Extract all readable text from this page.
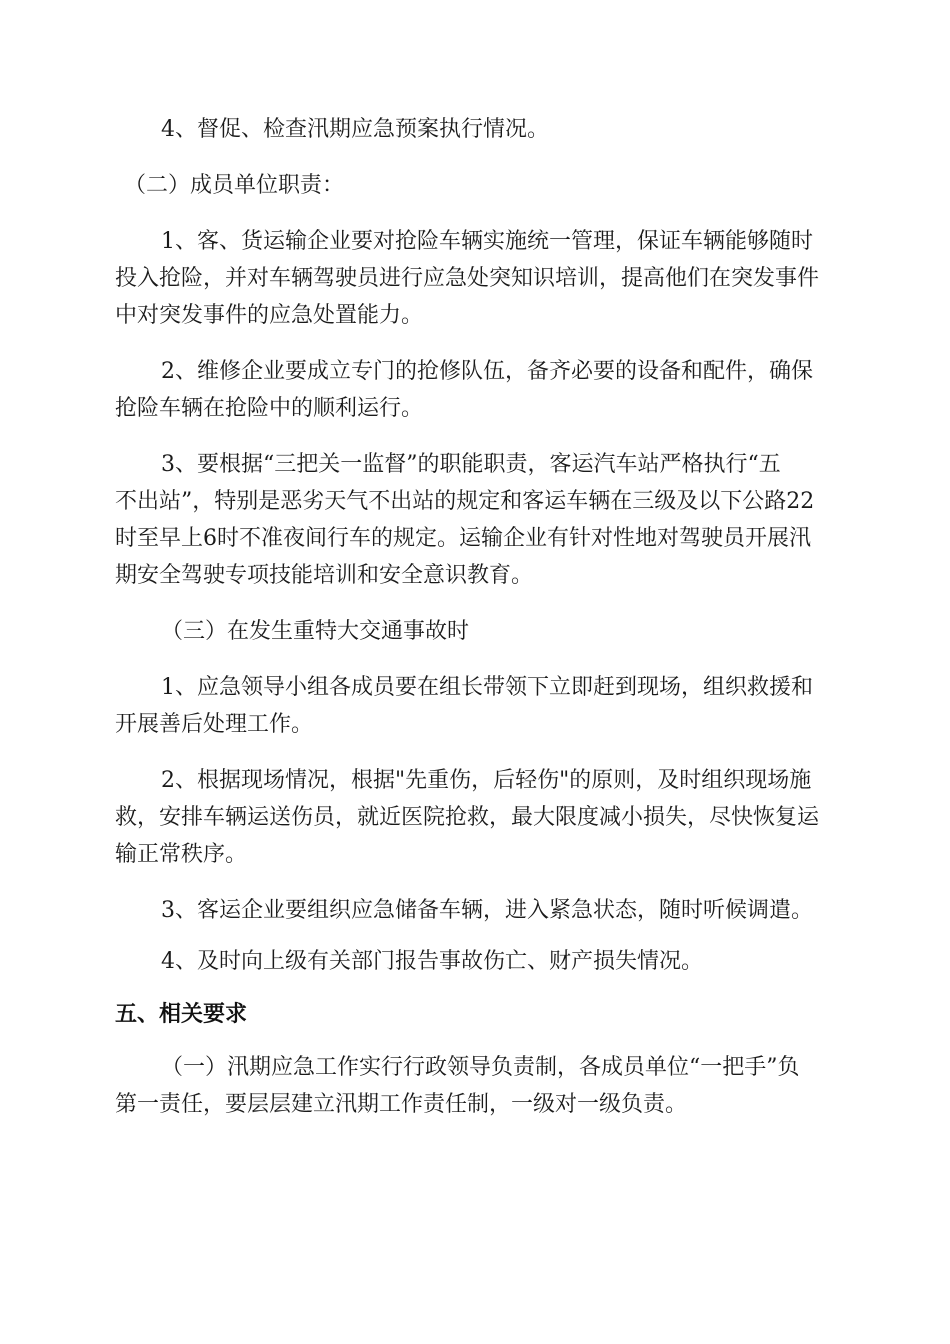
4、督促、检查汛期应急预案执行情况。
（二）成员单位职责：
1、客、货运输企业要对抢险车辆实施统一管理，保证车辆能够随时
投入抢险，并对车辆驾驶员进行应急处突知识培训，提高他们在突发事件
中对突发事件的应急处置能力。
2、维修企业要成立专门的抢修队伍，备齐必要的设备和配件，确保
抢险车辆在抢险中的顺利运行。
3、要根据“三把关一监督”的职能职责，客运汽车站严格执行“五
不出站”，特别是恶劣天气不出站的规定和客运车辆在三级及以下公路22
时至早上6时不准夜间行车的规定。运输企业有针对性地对驾驶员开展汛
期安全驾驶专项技能培训和安全意识教育。
（三）在发生重特大交通事故时
1、应急领导小组各成员要在组长带领下立即赶到现场，组织救援和
开展善后处理工作。
2、根据现场情况，根据"先重伤，后轻伤"的原则，及时组织现场施
救，安排车辆运送伤员，就近医院抢救，最大限度减小损失，尽快恢复运
输正常秩序。
3、客运企业要组织应急储备车辆，进入紧急状态，随时听候调遣。
4、及时向上级有关部门报告事故伤亡、财产损失情况。
五、相关要求
（一）汛期应急工作实行行政领导负责制，各成员单位“一把手”负
第一责任，要层层建立汛期工作责任制，一级对一级负责。
